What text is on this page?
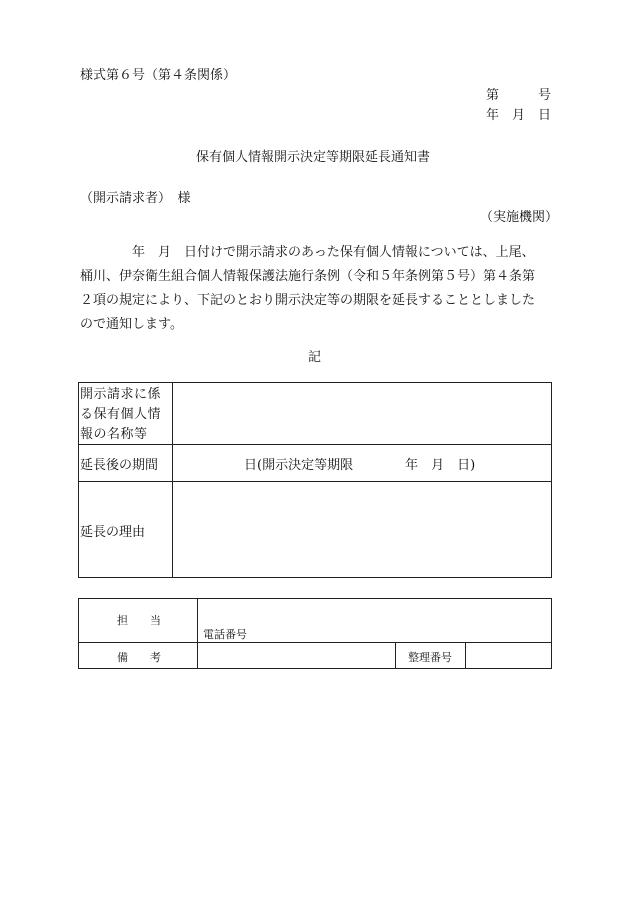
様式第６号（第４条関係）
第　　　号
年　月　日
保有個人情報開示決定等期限延長通知書
（開示請求者）　様
（実施機関）

　　　　年　月　日付けで開示請求のあった保有個人情報については、上尾、

桶川、伊奈衛生組合個人情報保護法施行条例（令和５年条例第５号）第４条第

２項の規定により、下記のとおり開示決定等の期限を延長することとしました

ので通知します。

記
開示請求に係
る保有個人情
報の名称等
延長後の期間	日(開示決定等期限　　　　年　月　日)
延長の理由
担　　当
電話番号
備　　考	整理番号
